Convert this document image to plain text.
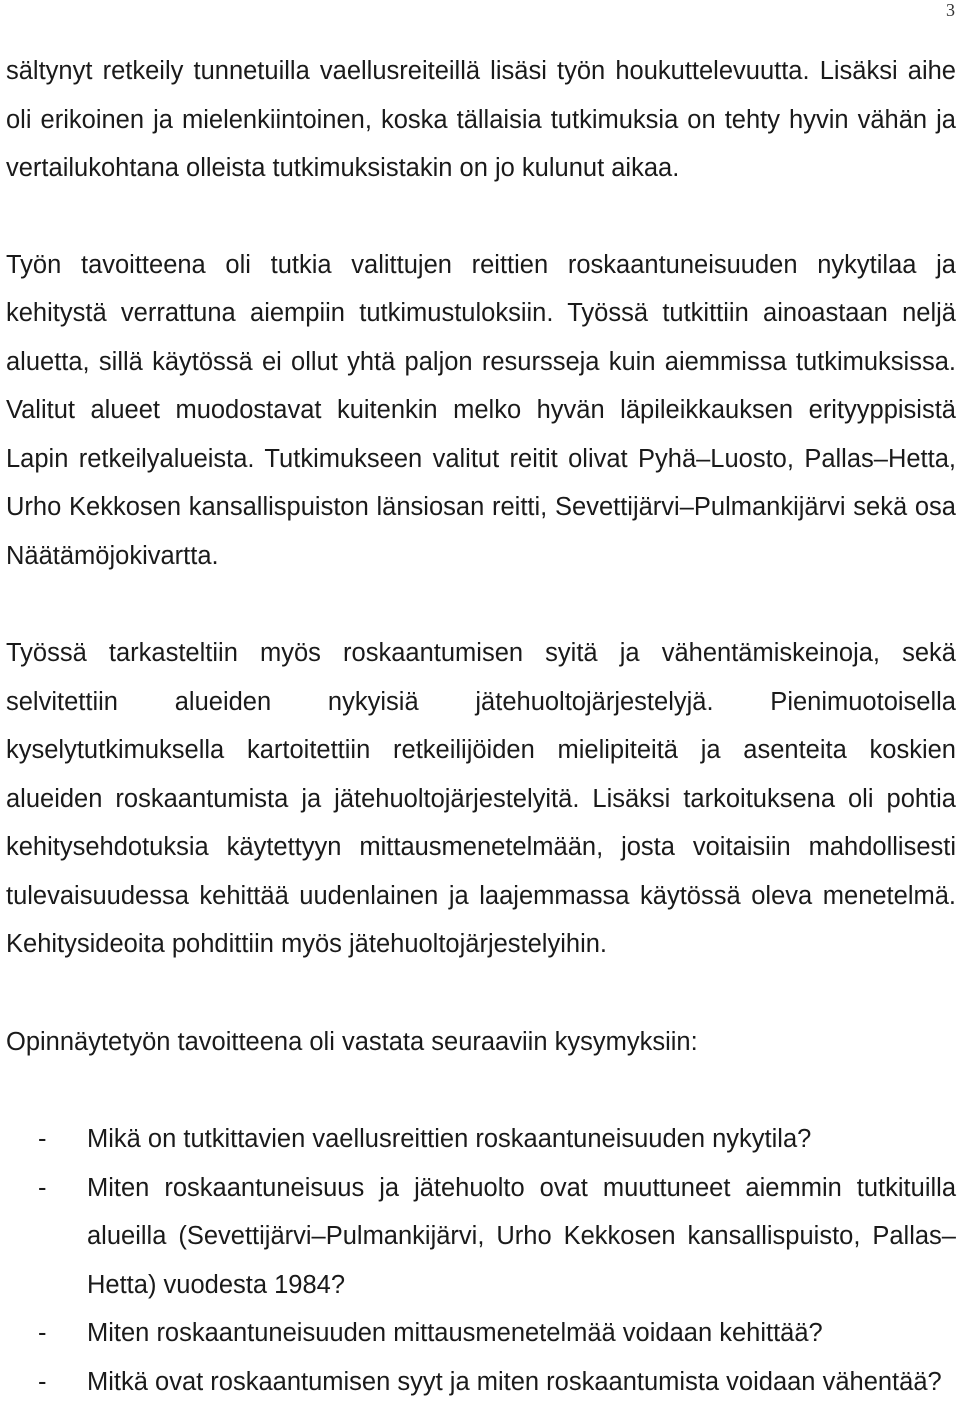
3

sältynyt retkeily tunnetuilla vaellusreiteillä lisäsi työn houkuttelevuutta. Lisäksi aihe oli erikoinen ja mielenkiintoinen, koska tällaisia tutkimuksia on tehty hyvin vähän ja vertailukohtana olleista tutkimuksistakin on jo kulunut aikaa.

Työn tavoitteena oli tutkia valittujen reittien roskaantuneisuuden nykytilaa ja kehitystä verrattuna aiempiin tutkimustuloksiin. Työssä tutkittiin ainoastaan neljä aluetta, sillä käytössä ei ollut yhtä paljon resursseja kuin aiemmissa tutkimuksissa. Valitut alueet muodostavat kuitenkin melko hyvän läpileikkauksen erityyppisistä Lapin retkeilyalueista. Tutkimukseen valitut reitit olivat Pyhä–Luosto, Pallas–Hetta, Urho Kekkosen kansallispuiston länsiosan reitti, Sevettijärvi–Pulmankijärvi sekä osa Näätämöjokivartta.

Työssä tarkasteltiin myös roskaantumisen syitä ja vähentämiskeinoja, sekä selvitettiin alueiden nykyisiä jätehuoltojärjestelyjä. Pienimuotoisella kyselytutkimuksella kartoitettiin retkeilijöiden mielipiteitä ja asenteita koskien alueiden roskaantumista ja jätehuoltojärjestelyitä. Lisäksi tarkoituksena oli pohtia kehitysehdotuksia käytettyyn mittausmenetelmään, josta voitaisiin mahdollisesti tulevaisuudessa kehittää uudenlainen ja laajemmassa käytössä oleva menetelmä. Kehitysideoita pohdittiin myös jätehuoltojärjestelyihin.

Opinnäytetyön tavoitteena oli vastata seuraaviin kysymyksiin:

- Mikä on tutkittavien vaellusreittien roskaantuneisuuden nykytila?
- Miten roskaantuneisuus ja jätehuolto ovat muuttuneet aiemmin tutkituilla alueilla (Sevettijärvi–Pulmankijärvi, Urho Kekkosen kansallispuisto, Pallas–Hetta) vuodesta 1984?
- Miten roskaantuneisuuden mittausmenetelmää voidaan kehittää?
- Mitkä ovat roskaantumisen syyt ja miten roskaantumista voidaan vähentää?
